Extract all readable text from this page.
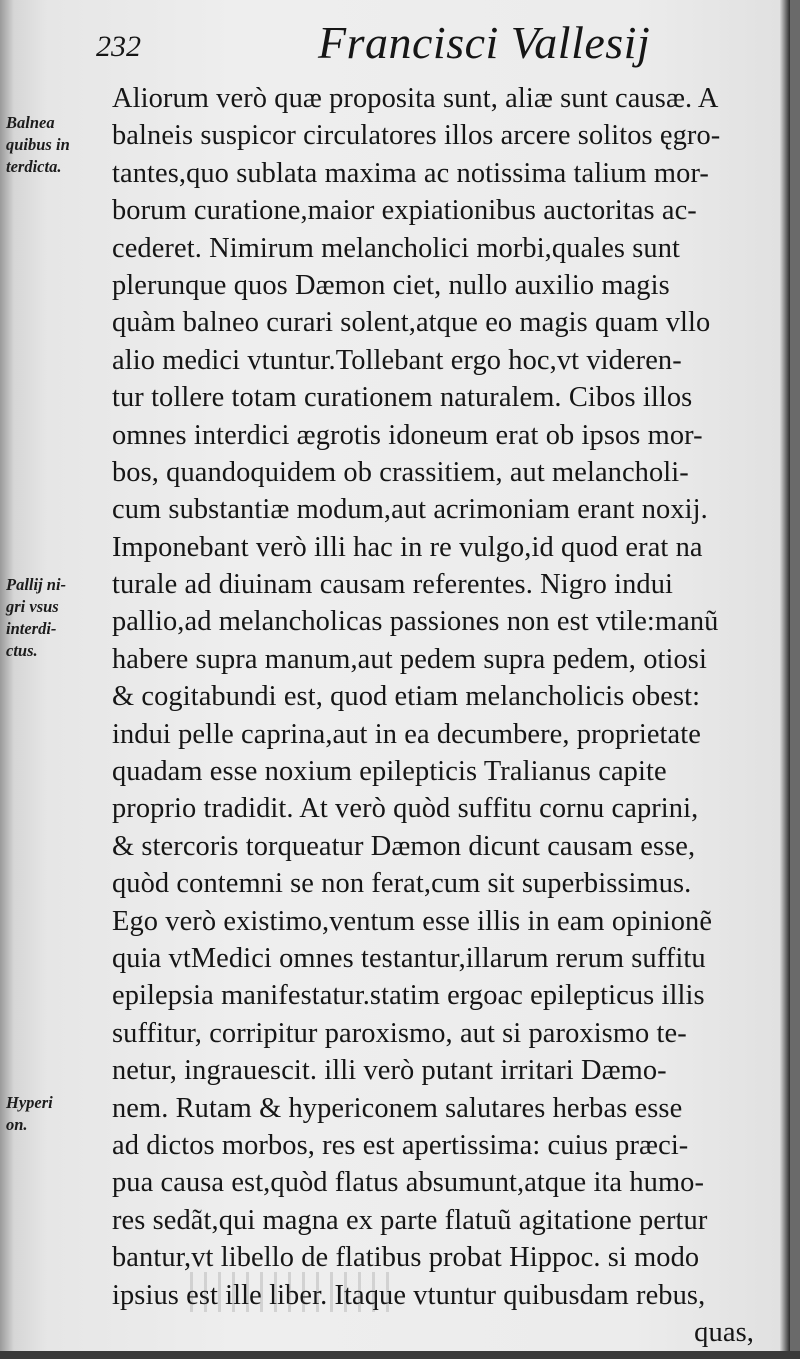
232	Francisci Vallesij
Balnea
quibus in
terdicta.
Pallij ni-
gri vsus
interdi-
ctus.
Hyperi
on.
Aliorum verò quæ proposita sunt, aliæ sunt causæ. A
balneis suspicor circulatores illos arcere solitos ęgro-
tantes,quo sublata maxima ac notissima talium mor-
borum curatione,maior expiationibus auctoritas ac-
cederet. Nimirum melancholici morbi,quales sunt
plerunque quos Dæmon ciet, nullo auxilio magis
quàm balneo curari solent,atque eo magis quam vllo
alio medici vtuntur.Tollebant ergo hoc,vt videren-
tur tollere totam curationem naturalem. Cibos illos
omnes interdici ægrotis idoneum erat ob ipsos mor-
bos, quandoquidem ob crassitiem, aut melancholi-
cum substantiæ modum,aut acrimoniam erant noxij.
Imponebant verò illi hac in re vulgo,id quod erat na
turale ad diuinam causam referentes. Nigro indui
pallio,ad melancholicas passiones non est vtile:manũ
habere supra manum,aut pedem supra pedem, otiosi
& cogitabundi est, quod etiam melancholicis obest:
indui pelle caprina,aut in ea decumbere, proprietate
quadam esse noxium epilepticis Tralianus capite
proprio tradidit. At verò quòd suffitu cornu caprini,
& stercoris torqueatur Dæmon dicunt causam esse,
quòd contemni se non ferat,cum sit superbissimus.
Ego verò existimo,ventum esse illis in eam opinionẽ
quia vtMedici omnes testantur,illarum rerum suffitu
epilepsia manifestatur.statim ergoac epilepticus illis
suffitur, corripitur paroxismo, aut si paroxismo te-
netur, ingrauescit. illi verò putant irritari Dæmo-
nem. Rutam & hypericonem salutares herbas esse
ad dictos morbos, res est apertissima: cuius præci-
pua causa est,quòd flatus absumunt,atque ita humo-
res sedãt,qui magna ex parte flatuũ agitatione pertur
bantur,vt libello de flatibus probat Hippoc. si modo
ipsius est ille liber. Itaque vtuntur quibusdam rebus,
quas,
